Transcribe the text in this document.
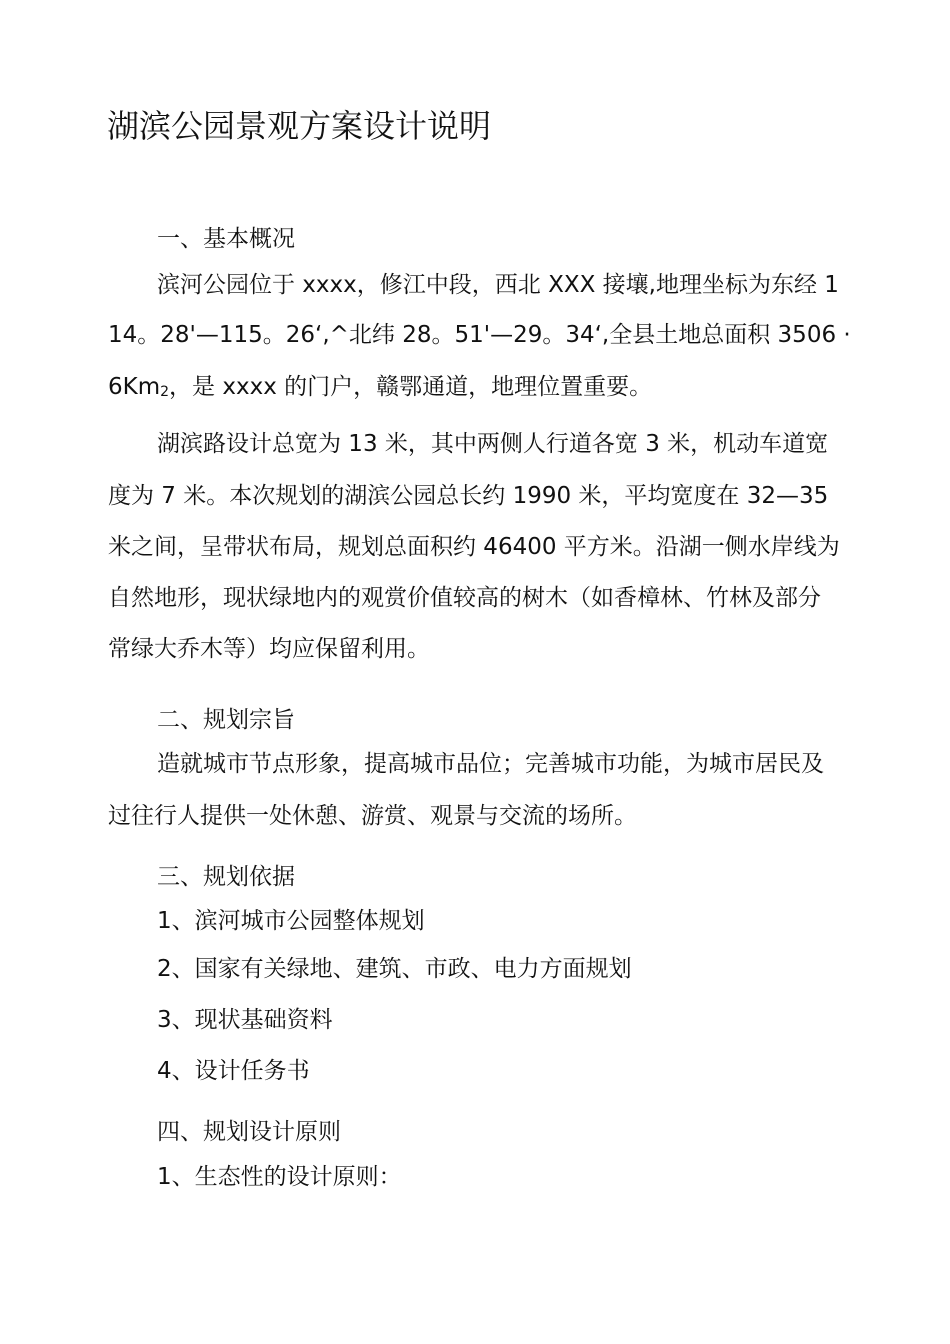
湖滨公园景观方案设计说明

一、基本概况

滨河公园位于 xxxx，修江中段，西北 XXX 接壤,地理坐标为东经 1

14。28'—115。26‘,^北纬 28。51'—29。34‘,全县土地总面积 3506 ·

$6Km_2$，是 xxxx 的门户，赣鄂通道，地理位置重要。

湖滨路设计总宽为 13 米，其中两侧人行道各宽 3 米，机动车道宽

度为 7 米。本次规划的湖滨公园总长约 1990 米，平均宽度在 32—35

米之间，呈带状布局，规划总面积约 46400 平方米。沿湖一侧水岸线为

自然地形，现状绿地内的观赏价值较高的树木（如香樟林、竹林及部分

常绿大乔木等）均应保留利用。

二、规划宗旨

造就城市节点形象，提高城市品位；完善城市功能，为城市居民及

过往行人提供一处休憩、游赏、观景与交流的场所。

三、规划依据

1、滨河城市公园整体规划

2、国家有关绿地、建筑、市政、电力方面规划

3、现状基础资料

4、设计任务书

四、规划设计原则

1、生态性的设计原则：
